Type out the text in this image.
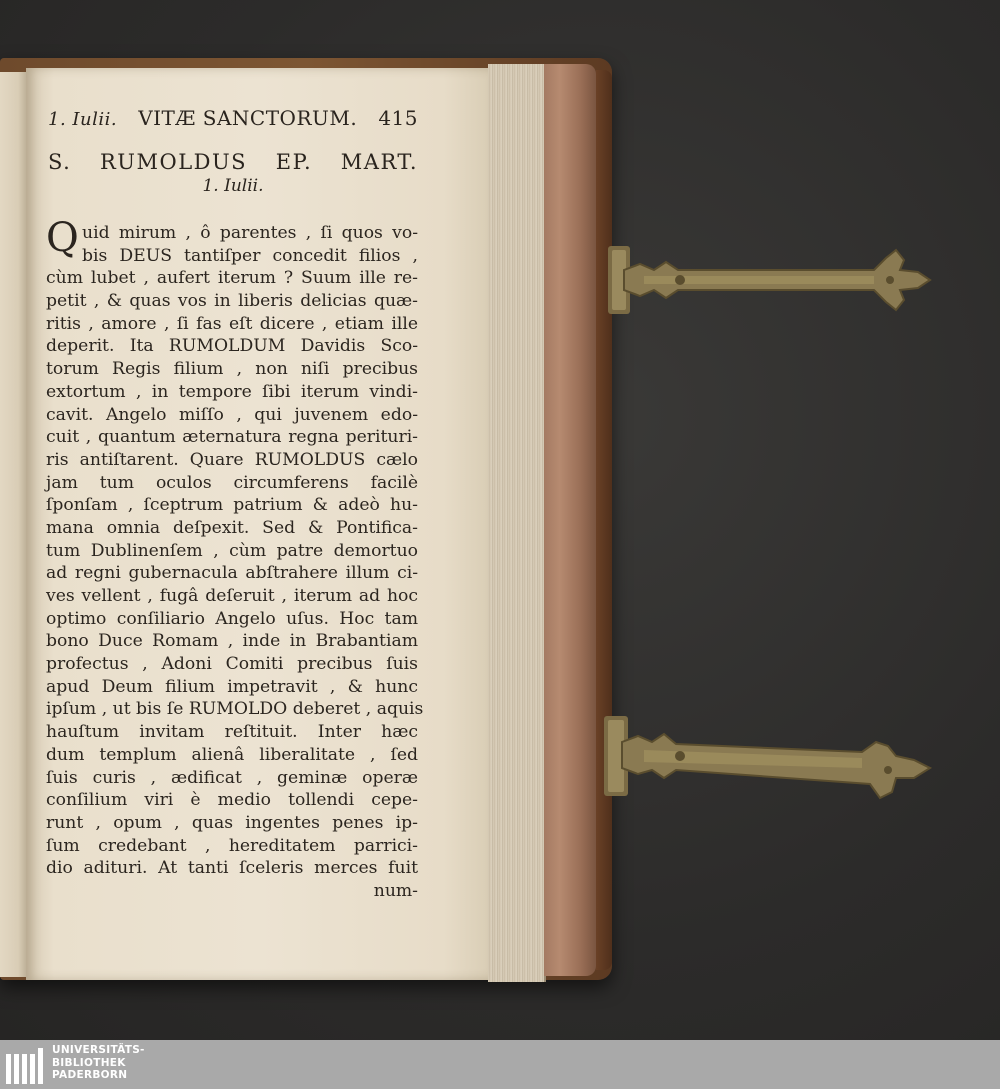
1. Iulii. VITÆ SANCTORUM. 415
S. RUMOLDUS EP. MART.
1. Iulii.
Q uid mirum , ô parentes , ſi quos vo-
bis DEUS tantiſper concedit filios ,
cùm lubet , aufert iterum ? Suum ille re-
petit , & quas vos in liberis delicias quæ-
ritis , amore , ſi fas eſt dicere , etiam ille
deperit. Ita RUMOLDUM Davidis Sco-
torum Regis filium , non niſi precibus
extortum , in tempore ſibi iterum vindi-
cavit. Angelo miſſo , qui juvenem edo-
cuit , quantum æternatura regna perituri-
ris antiſtarent. Quare RUMOLDUS cælo
jam tum oculos circumferens facilè
ſponſam , ſceptrum patrium & adeò hu-
mana omnia deſpexit. Sed & Pontifica-
tum Dublinenſem , cùm patre demortuo
ad regni gubernacula abſtrahere illum ci-
ves vellent , fugâ deſeruit , iterum ad hoc
optimo conſiliario Angelo uſus. Hoc tam
bono Duce Romam , inde in Brabantiam
profectus , Adoni Comiti precibus ſuis
apud Deum filium impetravit , & hunc
ipſum , ut bis ſe RUMOLDO deberet , aquis
hauſtum invitam reſtituit. Inter hæc
dum templum alienâ liberalitate , ſed
ſuis curis , ædificat , geminæ operæ
conſilium viri è medio tollendi cepe-
runt , opum , quas ingentes penes ip-
ſum credebant , hereditatem parrici-
dio adituri. At tanti ſceleris merces fuit
num-
UNIVERSITÄTS-
BIBLIOTHEK
PADERBORN
